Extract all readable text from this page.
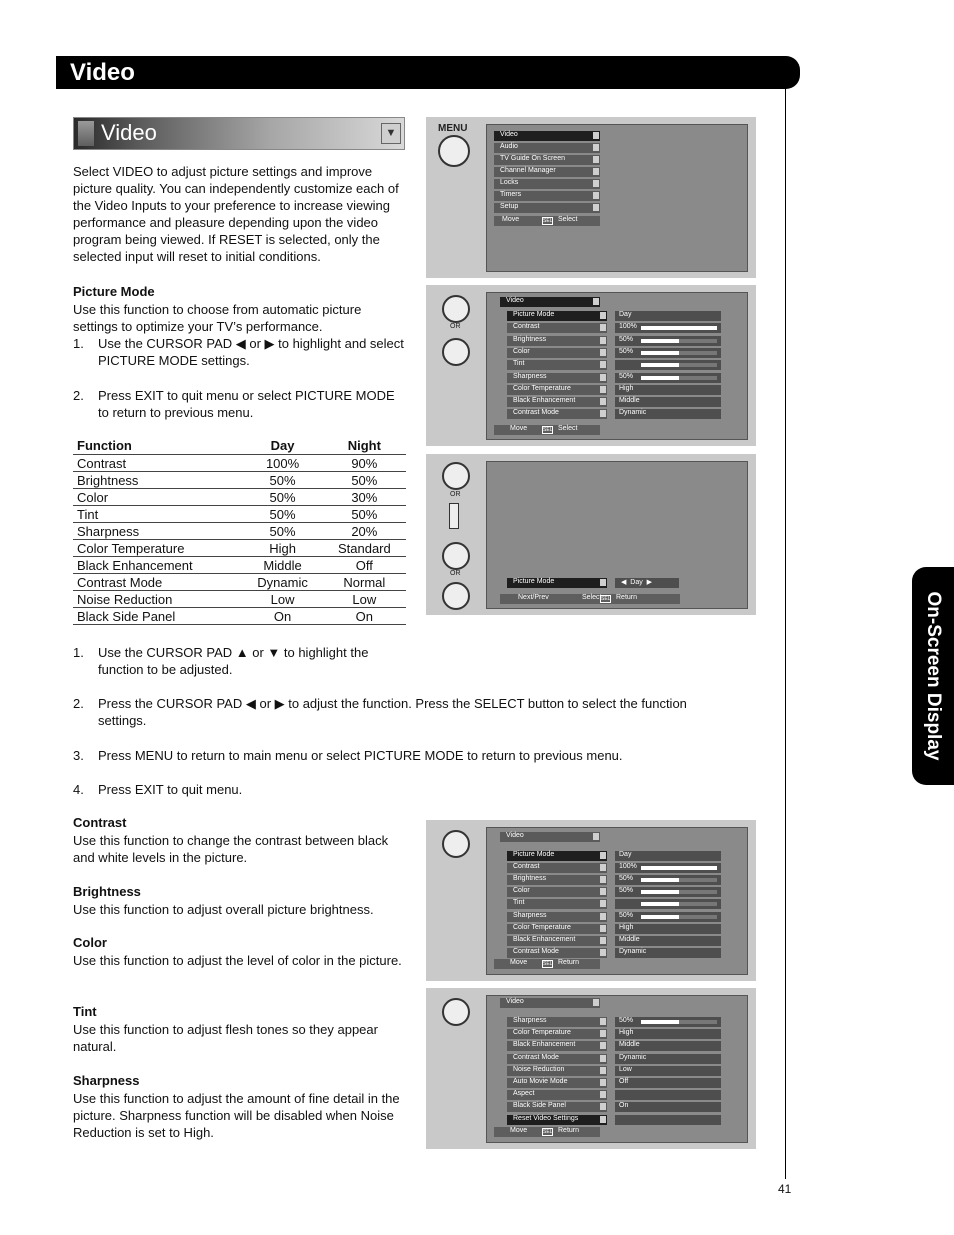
Video
On-Screen Display
41
Video	▼
Select VIDEO to adjust picture settings and improve picture quality. You can independently customize each of the Video Inputs to your preference to increase viewing performance and pleasure depending upon the video program being viewed. If RESET is selected, only the selected input will reset to initial conditions.
Picture Mode
Use this function to choose from automatic picture settings to optimize your TV’s performance.
1. Use the CURSOR PAD ◀ or ▶ to highlight and select PICTURE MODE settings.
2. Press EXIT to quit menu or select PICTURE MODE to return to previous menu.
Function	Day	Night
Contrast	100%	90%
Brightness	50%	50%
Color	50%	30%
Tint	50%	50%
Sharpness	50%	20%
Color Temperature	High	Standard
Black Enhancement	Middle	Off
Contrast Mode	Dynamic	Normal
Noise Reduction	Low	Low
Black Side Panel	On	On
1. Use the CURSOR PAD ▲ or ▼ to highlight the function to be adjusted.
2. Press the CURSOR PAD ◀ or ▶ to adjust the function. Press the SELECT button to select the function settings.
3. Press MENU to return to main menu or select PICTURE MODE to return to previous menu.
4. Press EXIT to quit menu.
Contrast
Use this function to change the contrast between black and white levels in the picture.
Brightness
Use this function to adjust overall picture brightness.
Color
Use this function to adjust the level of color in the picture.
Tint
Use this function to adjust flesh tones so they appear natural.
Sharpness
Use this function to adjust the amount of fine detail in the picture. Sharpness function will be disabled when Noise Reduction is set to High.
MENU
Video
Audio
TV Guide On Screen
Channel Manager
Locks
Timers
Setup
Move	SEL Select
OR
Video
Picture Mode	Day
Contrast	100%
Brightness	50%
Color	50%
Tint
Sharpness	50%
Color Temperature	High
Black Enhancement	Middle
Contrast Mode	Dynamic
Move	SEL Select
OR
OR
Picture Mode	◀  Day  ▶
Next/Prev	Select SEL Return
Video
Picture Mode	Day
Contrast	100%
Brightness	50%
Color	50%
Tint
Sharpness	50%
Color Temperature	High
Black Enhancement	Middle
Contrast Mode	Dynamic
Move	SEL Return
Video
Sharpness	50%
Color Temperature	High
Black Enhancement	Middle
Contrast Mode	Dynamic
Noise Reduction	Low
Auto Movie Mode	Off
Aspect
Black Side Panel	On
Reset Video Settings
Move	SEL Return
